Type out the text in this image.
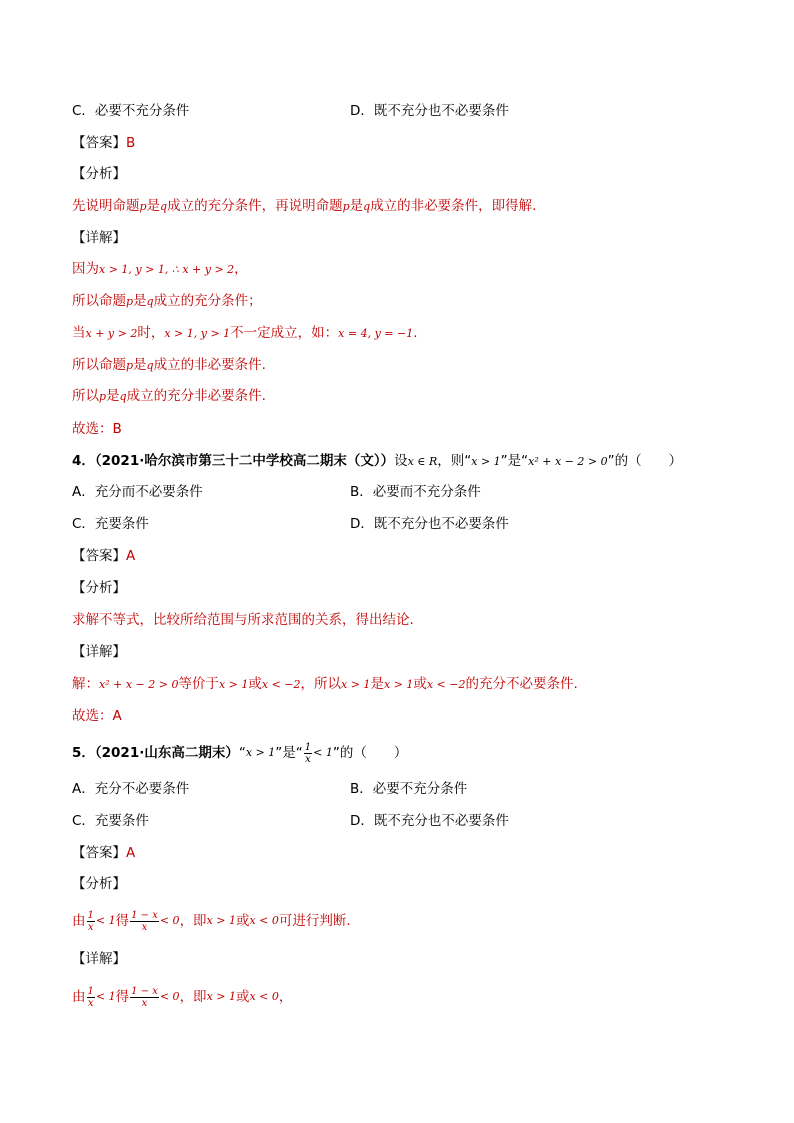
C．必要不充分条件	D．既不充分也不必要条件
【答案】B
【分析】
先说明命题p是q成立的充分条件，再说明命题p是q成立的非必要条件，即得解.
【详解】
因为x > 1, y > 1, ∴ x + y > 2，
所以命题p是q成立的充分条件；
当x + y > 2时，x > 1, y > 1不一定成立，如：x = 4, y = −1.
所以命题p是q成立的非必要条件.
所以p是q成立的充分非必要条件.
故选：B
4．（2021·哈尔滨市第三十二中学校高二期末（文））设x ∈ R，则“x > 1”是“x² + x − 2 > 0”的（　　）
A．充分而不必要条件	B．必要而不充分条件
C．充要条件	D．既不充分也不必要条件
【答案】A
【分析】
求解不等式，比较所给范围与所求范围的关系，得出结论.
【详解】
解：x² + x − 2 > 0等价于x > 1或x < −2，所以x > 1是x > 1或x < −2的充分不必要条件.
故选：A
5．（2021·山东高二期末） “ x > 1 ”是“ $\frac{1}{x} < 1$ ”的（　　）
A．充分不必要条件	B．必要不充分条件
C．充要条件	D．既不充分也不必要条件
【答案】A
【分析】
由 $\frac{1}{x} < 1$ 得 $\frac{1 - x}{x} < 0$ ，即 x > 1 或 x < 0 可进行判断.
【详解】
由 $\frac{1}{x} < 1$ 得 $\frac{1 - x}{x} < 0$ ，即 x > 1 或 x < 0 ，
